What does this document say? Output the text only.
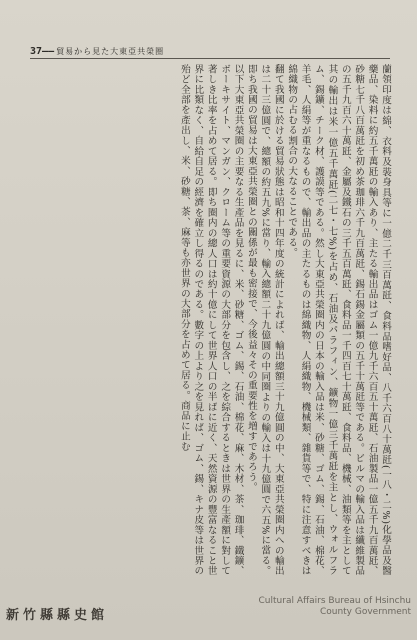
37 —— 貿易から見た大東亞共榮圈

蘭領印度は綿、衣料及裝身具等に一億二千三百萬瓩、食料品嗜好品、八千六百八十萬瓩(一八・二%)化學品及醫藥品、染料に約五千萬瓩の輸入あり、主たる輸出品はゴム一億九千六百五十萬瓩、石油製品一億五千九百萬瓩、砂糖七千八百萬瓩を初め茶珈琲六千九百萬瓩、錫石錫金屬類の五千十萬瓩等である。ビルマの輸入品は纖維製品の五千九百六十萬瓩、金屬及鐵石の三千五百萬瓩、食料品一千四百七十萬瓩、食料品、機械、油類等を主として其の輸出は米一億五千萬瓩(二七・七%)を占め、石油及パラフィン、鑛物一億三千萬瓩を主とし、ウォルフラム、錫鑛、チーク材、護謨等である。然し大東亞共榮圈内の日本の輸入品は米、砂糖、ゴム、錫、石油、棉花、羊毛、人絹等が重なるもので、輸出品の主たるものは綿織物、人絹織物、機械類、雜貨等で、特に注意すべきは綿織物の占むる割合の大なることである。

翻て我國に於ける貿易狀態は昭和十四年度の統計によれば、輸出總額三十九億圓の中、大東亞共榮圈内への輸出は二十三億圓で、總額の約五九%に當り、輸入總額二十九億圓の中同圈よりの輸入は十九億圓で六五%に當る。即ち我國の貿易は大東亞共榮圈との關係が最も密接で、今後益々その重要性を増すであろう。

以下大東亞共榮圈の主要なる生產品を見るに、米、砂糖、ゴム、錫、石油、棉花、麻、木材、茶、珈琲、鐵鑛、ボーキサイト、マンガン、クローム等の重要資源の大部分を包含し、之を綜合するときは世界の生產額に對して著しき比率を占めて居る。即ち圈内の總人口は約十億にして世界人口の半ばに近く、天然資源の豐富なること世界に比類なく、自給自足の經濟を確立し得るのである。數字の上より之を見れば、ゴム、錫、キナ皮等は世界の殆ど全部を產出し、米、砂糖、茶、麻等も亦世界の大部分を占めて居る。商品に止む

新竹縣縣史館
Cultural Affairs Bureau of Hsinchu
County Government
